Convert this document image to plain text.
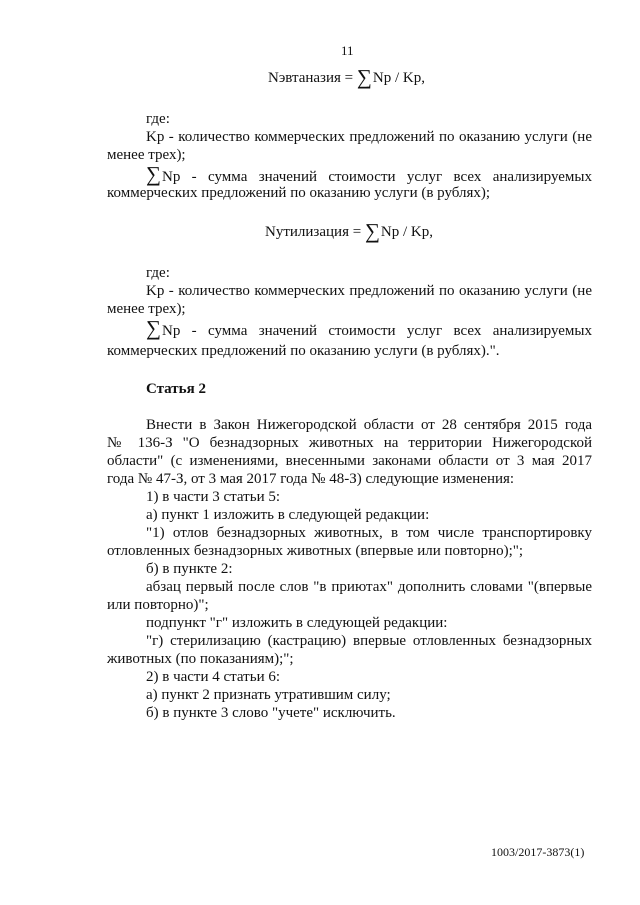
11
Nэвтаназия = ∑Np / Kp,
где:
Kp - количество коммерческих предложений по оказанию услуги (не
менее трех);
∑ Np - сумма значений стоимости услуг всех анализируемых
коммерческих предложений по оказанию услуги (в рублях);
Nутилизация = ∑Np / Kp,
где:
Kp - количество коммерческих предложений по оказанию услуги (не
менее трех);
∑ Np - сумма значений стоимости услуг всех анализируемых
коммерческих предложений по оказанию услуги (в рублях).".
Статья 2
Внести в Закон Нижегородской области от 28 сентября 2015 года
№ 136-З "О безнадзорных животных на территории Нижегородской
области" (с изменениями, внесенными законами области от 3 мая 2017
года № 47-З, от 3 мая 2017 года № 48-З) следующие изменения:
1) в части 3 статьи 5:
а) пункт 1 изложить в следующей редакции:
"1) отлов безнадзорных животных, в том числе транспортировку
отловленных безнадзорных животных (впервые или повторно);";
б) в пункте 2:
абзац первый после слов "в приютах" дополнить словами "(впервые
или повторно)";
подпункт "г" изложить в следующей редакции:
"г) стерилизацию (кастрацию) впервые отловленных безнадзорных
животных (по показаниям);";
2) в части 4 статьи 6:
а) пункт 2 признать утратившим силу;
б) в пункте 3 слово "учете" исключить.
1003/2017-3873(1)
